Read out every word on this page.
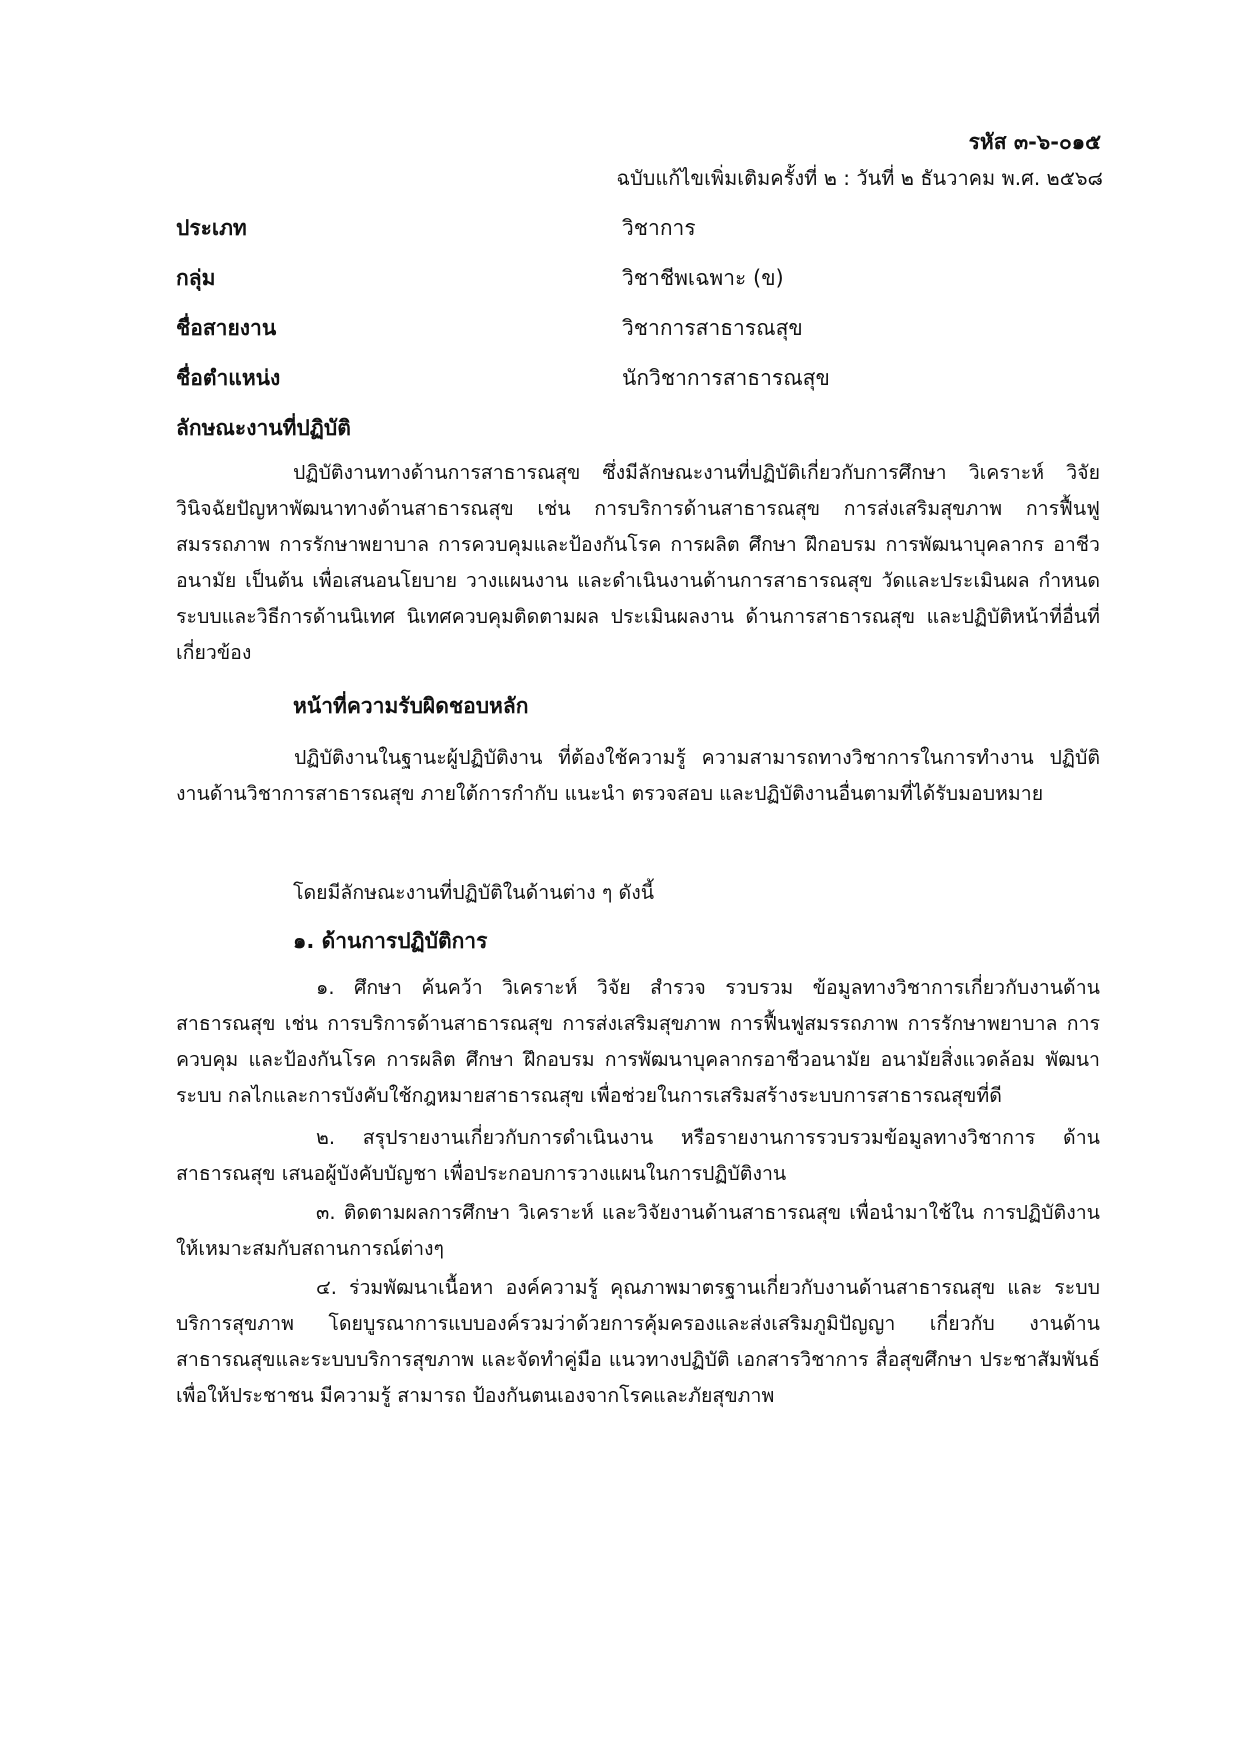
รหัส ๓-๖-๐๑๕
ฉบับแก้ไขเพิ่มเติมครั้งที่ ๒ : วันที่ ๒ ธันวาคม พ.ศ. ๒๕๖๘
ประเภท	วิชาการ
กลุ่ม	วิชาชีพเฉพาะ (ข)
ชื่อสายงาน	วิชาการสาธารณสุข
ชื่อตำแหน่ง	นักวิชาการสาธารณสุข
ลักษณะงานที่ปฏิบัติ

ปฏิบัติงานทางด้านการสาธารณสุข ซึ่งมีลักษณะงานที่ปฏิบัติเกี่ยวกับการศึกษา วิเคราะห์ วิจัย วินิจฉัยปัญหาพัฒนาทางด้านสาธารณสุข เช่น การบริการด้านสาธารณสุข การส่งเสริมสุขภาพ การฟื้นฟูสมรรถภาพ การรักษาพยาบาล การควบคุมและป้องกันโรค การผลิต ศึกษา ฝึกอบรม การพัฒนาบุคลากร อาชีวอนามัย เป็นต้น เพื่อเสนอนโยบาย วางแผนงาน และดำเนินงานด้านการสาธารณสุข วัดและประเมินผล กำหนดระบบและวิธีการด้านนิเทศ นิเทศควบคุมติดตามผล ประเมินผลงาน ด้านการสาธารณสุข และปฏิบัติหน้าที่อื่นที่เกี่ยวข้อง

หน้าที่ความรับผิดชอบหลัก

ปฏิบัติงานในฐานะผู้ปฏิบัติงาน ที่ต้องใช้ความรู้ ความสามารถทางวิชาการในการทำงาน ปฏิบัติงานด้านวิชาการสาธารณสุข ภายใต้การกำกับ แนะนำ ตรวจสอบ และปฏิบัติงานอื่นตามที่ได้รับมอบหมาย

โดยมีลักษณะงานที่ปฏิบัติในด้านต่าง ๆ ดังนี้
๑. ด้านการปฏิบัติการ

๑. ศึกษา ค้นคว้า วิเคราะห์ วิจัย สำรวจ รวบรวม ข้อมูลทางวิชาการเกี่ยวกับงานด้านสาธารณสุข เช่น การบริการด้านสาธารณสุข การส่งเสริมสุขภาพ การฟื้นฟูสมรรถภาพ การรักษาพยาบาล การควบคุม และป้องกันโรค การผลิต ศึกษา ฝึกอบรม การพัฒนาบุคลากรอาชีวอนามัย อนามัยสิ่งแวดล้อม พัฒนาระบบ กลไกและการบังคับใช้กฎหมายสาธารณสุข เพื่อช่วยในการเสริมสร้างระบบการสาธารณสุขที่ดี

๒. สรุปรายงานเกี่ยวกับการดำเนินงาน หรือรายงานการรวบรวมข้อมูลทางวิชาการ ด้านสาธารณสุข เสนอผู้บังคับบัญชา เพื่อประกอบการวางแผนในการปฏิบัติงาน

๓. ติดตามผลการศึกษา วิเคราะห์ และวิจัยงานด้านสาธารณสุข เพื่อนำมาใช้ใน การปฏิบัติงาน ให้เหมาะสมกับสถานการณ์ต่างๆ

๔. ร่วมพัฒนาเนื้อหา องค์ความรู้ คุณภาพมาตรฐานเกี่ยวกับงานด้านสาธารณสุข และ ระบบบริการสุขภาพ โดยบูรณาการแบบองค์รวมว่าด้วยการคุ้มครองและส่งเสริมภูมิปัญญา เกี่ยวกับ งานด้านสาธารณสุขและระบบบริการสุขภาพ และจัดทำคู่มือ แนวทางปฏิบัติ เอกสารวิชาการ สื่อสุขศึกษา ประชาสัมพันธ์ เพื่อให้ประชาชน มีความรู้ สามารถ ป้องกันตนเองจากโรคและภัยสุขภาพ
